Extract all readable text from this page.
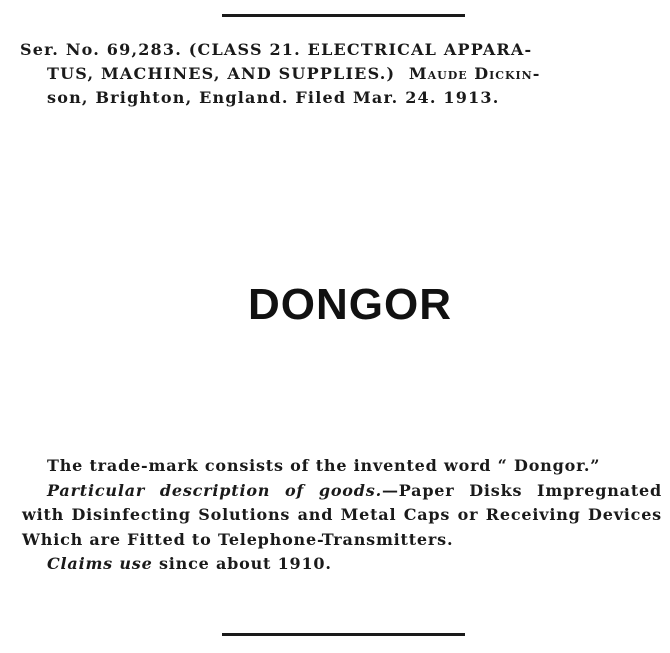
Ser. No. 69,283. (CLASS 21. ELECTRICAL APPARA-
TUS, MACHINES, AND SUPPLIES.) Maude Dickin-
son, Brighton, England. Filed Mar. 24. 1913.
DONGOR
The trade-mark consists of the invented word “ Dongor.”
Particular description of goods.—Paper Disks Impregnated with Disinfecting Solutions and Metal Caps or Receiving Devices Which are Fitted to Telephone-Transmitters.
Claims use since about 1910.
